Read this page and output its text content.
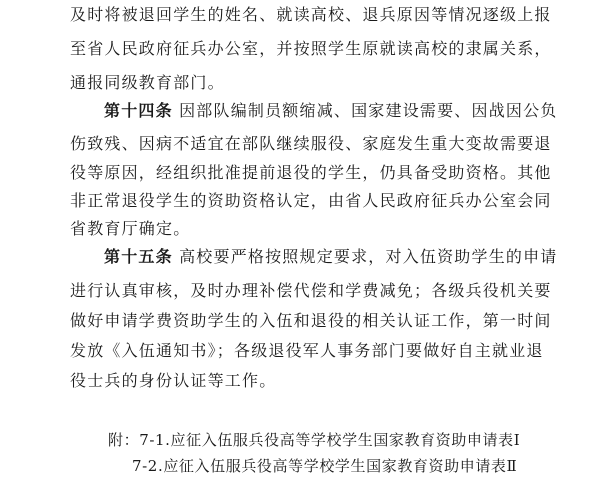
及时将被退回学生的姓名、就读高校、退兵原因等情况逐级上报
至省人民政府征兵办公室，并按照学生原就读高校的隶属关系，
通报同级教育部门。
第十四条 因部队编制员额缩减、国家建设需要、因战因公负
伤致残、因病不适宜在部队继续服役、家庭发生重大变故需要退
役等原因，经组织批准提前退役的学生，仍具备受助资格。其他
非正常退役学生的资助资格认定，由省人民政府征兵办公室会同
第十五条 高校要严格按照规定要求，对入伍资助学生的申请
进行认真审核，及时办理补偿代偿和学费减免；各级兵役机关要
做好申请学费资助学生的入伍和退役的相关认证工作，第一时间
发放《入伍通知书》；各级退役军人事务部门要做好自主就业退
役士兵的身份认证等工作。
省教育厅确定。
附：7-1.应征入伍服兵役高等学校学生国家教育资助申请表Ⅰ
7-2.应征入伍服兵役高等学校学生国家教育资助申请表Ⅱ
